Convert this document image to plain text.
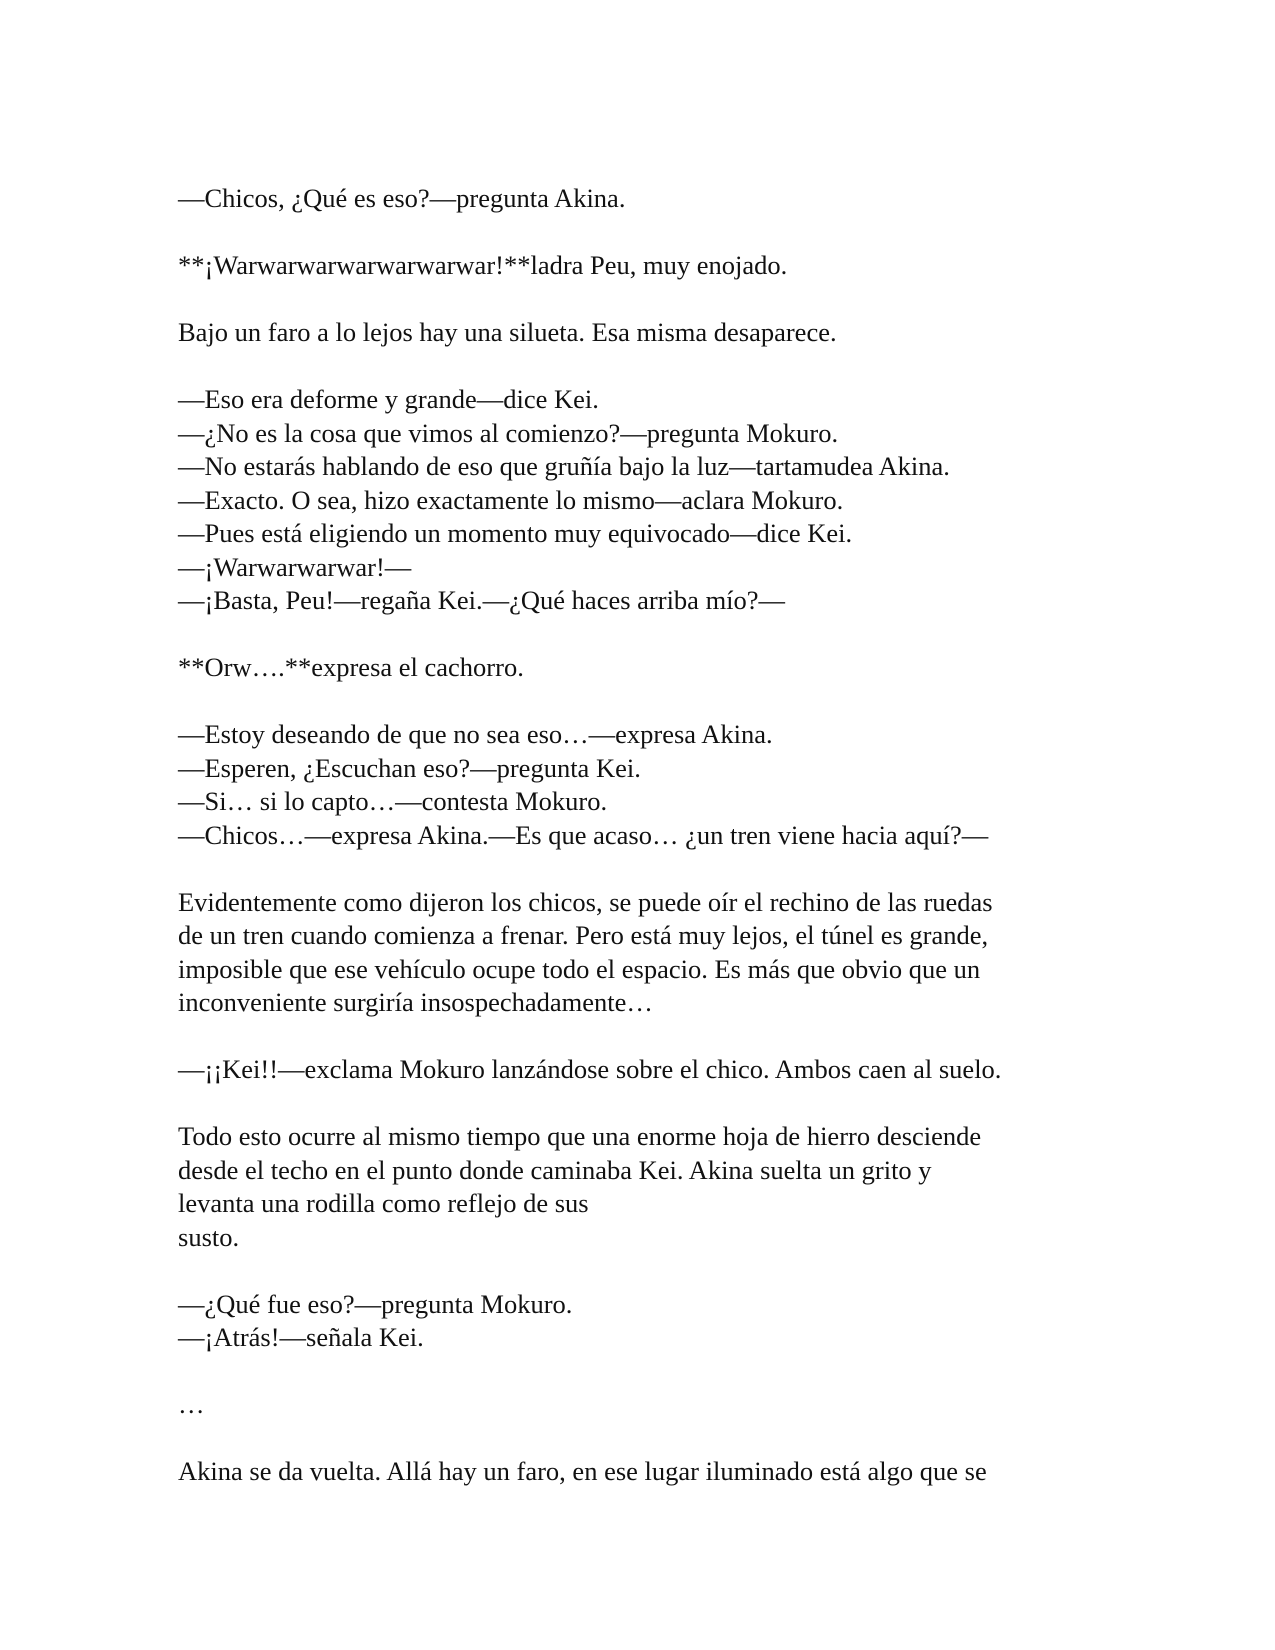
—Chicos, ¿Qué es eso?—pregunta Akina.

**¡Warwarwarwarwarwarwar!**ladra Peu, muy enojado.

Bajo un faro a lo lejos hay una silueta. Esa misma desaparece.

—Eso era deforme y grande—dice Kei.
—¿No es la cosa que vimos al comienzo?—pregunta Mokuro.
—No estarás hablando de eso que gruñía bajo la luz—tartamudea Akina.
—Exacto. O sea, hizo exactamente lo mismo—aclara Mokuro.
—Pues está eligiendo un momento muy equivocado—dice Kei.
—¡Warwarwarwar!—
—¡Basta, Peu!—regaña Kei.—¿Qué haces arriba mío?—

**Orw….**expresa el cachorro.

—Estoy deseando de que no sea eso…—expresa Akina.
—Esperen, ¿Escuchan eso?—pregunta Kei.
—Si… si lo capto…—contesta Mokuro.
—Chicos…—expresa Akina.—Es que acaso… ¿un tren viene hacia aquí?—

Evidentemente como dijeron los chicos, se puede oír el rechino de las ruedas
de un tren cuando comienza a frenar. Pero está muy lejos, el túnel es grande,
imposible que ese vehículo ocupe todo el espacio. Es más que obvio que un
inconveniente surgiría insospechadamente…

—¡¡Kei!!—exclama Mokuro lanzándose sobre el chico. Ambos caen al suelo.

Todo esto ocurre al mismo tiempo que una enorme hoja de hierro desciende
desde el techo en el punto donde caminaba Kei. Akina suelta un grito y
levanta una rodilla como reflejo de sus
susto.

—¿Qué fue eso?—pregunta Mokuro.
—¡Atrás!—señala Kei.

…

Akina se da vuelta. Allá hay un faro, en ese lugar iluminado está algo que se
